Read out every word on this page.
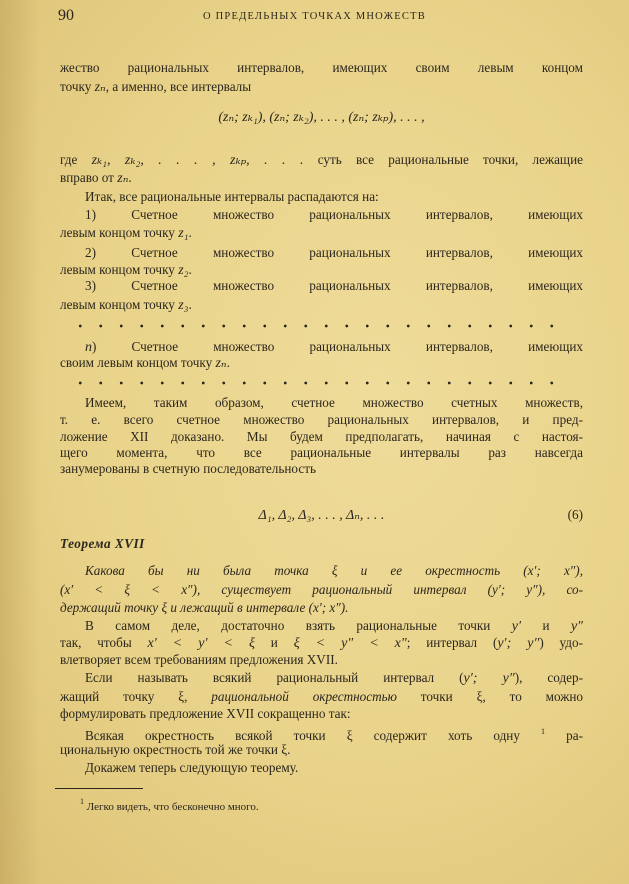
90	О ПРЕДЕЛЬНЫХ ТОЧКАХ МНОЖЕСТВ
жество рациональных интервалов, имеющих своим левым концом
точку zₙ, а именно, все интервалы
(zₙ; zₖ₁), (zₙ; zₖ₂), . . . , (zₙ; zₖₚ), . . . ,
где zₖ₁, zₖ₂, . . . , zₖₚ, . . . суть все рациональные точки, лежащие
вправо от zₙ.
Итак, все рациональные интервалы распадаются на:
1) Счетное множество рациональных интервалов, имеющих
левым концом точку z₁.
2) Счетное множество рациональных интервалов, имеющих
левым концом точку z₂.
3) Счетное множество рациональных интервалов, имеющих
левым концом точку z₃.
n) Счетное множество рациональных интервалов, имеющих
своим левым концом точку zₙ.
Имеем, таким образом, счетное множество счетных множеств,
т. е. всего счетное множество рациональных интервалов, и пред-
ложение XII доказано. Мы будем предполагать, начиная с настоя-
щего момента, что все рациональные интервалы раз навсегда
занумерованы в счетную последовательность
Δ₁, Δ₂, Δ₃, . . . , Δₙ, . . .	(6)
Теорема XVII
Какова бы ни была точка ξ и ее окрестность (x′; x″),
(x′ < ξ < x″), существует рациональный интервал (y′; y″), со-
держащий точку ξ и лежащий в интервале (x′; x″).
В самом деле, достаточно взять рациональные точки y′ и y″
так, чтобы x′ < y′ < ξ и ξ < y″ < x″; интервал (y′; y″) удо-
влетворяет всем требованиям предложения XVII.
Если называть всякий рациональный интервал (y′; y″), содер-
жащий точку ξ, рациональной окрестностью точки ξ, то можно
формулировать предложение XVII сокращенно так:
Всякая окрестность всякой точки ξ содержит хоть одну $^1$ ра-
циональную окрестность той же точки ξ.
Докажем теперь следующую теорему.
$^1$ Легко видеть, что бесконечно много.
